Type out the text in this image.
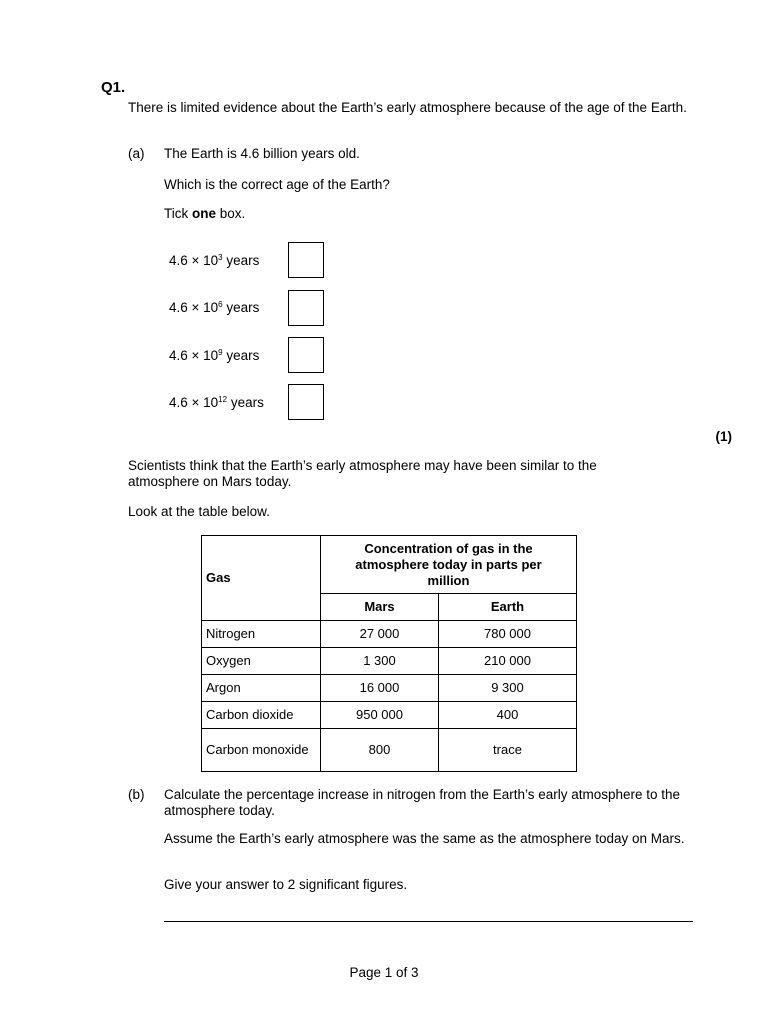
Q1.
There is limited evidence about the Earth’s early atmosphere because of the age of the Earth.
(a) The Earth is 4.6 billion years old.
Which is the correct age of the Earth?
Tick one box.
$4.6 \times 10^3$ years
$4.6 \times 10^6$ years
$4.6 \times 10^9$ years
$4.6 \times 10^{12}$ years
(1)
Scientists think that the Earth’s early atmosphere may have been similar to the atmosphere on Mars today.
Look at the table below.
Gas	Concentration of gas in the atmosphere today in parts per million	
	Mars	Earth
Nitrogen	27 000	780 000
Oxygen	1 300	210 000
Argon	16 000	9 300
Carbon dioxide	950 000	400
Carbon monoxide	800	trace
(b) Calculate the percentage increase in nitrogen from the Earth’s early atmosphere to the atmosphere today.
Assume the Earth’s early atmosphere was the same as the atmosphere today on Mars.
Give your answer to 2 significant figures.
Page 1 of 3
